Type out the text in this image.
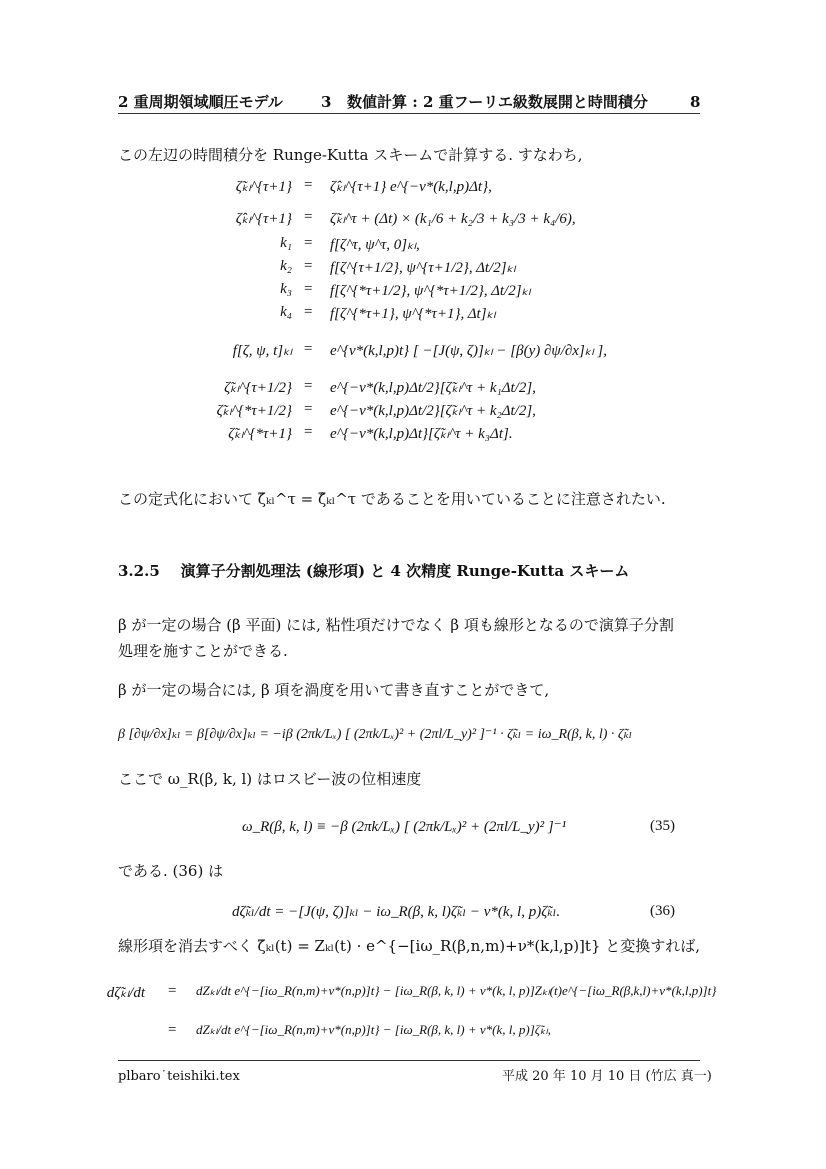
2 重周期領域順圧モデル	3 数値計算 : 2 重フーリエ級数展開と時間積分	8
この左辺の時間積分を Runge-Kutta スキームで計算する. すなわち,
ζ̃ₖₗ^{τ+1} = ζ̂ₖₗ^{τ+1} e^{−ν*(k,l,p)Δt},
ζ̂ₖₗ^{τ+1} = ζ̃ₖₗ^τ + (Δt) × (k₁/6 + k₂/3 + k₃/3 + k₄/6),
k₁ = f[ζ^τ, ψ^τ, 0]ₖₗ,
k₂ = f[ζ^{τ+1/2}, ψ^{τ+1/2}, Δt/2]ₖₗ
k₃ = f[ζ^{*τ+1/2}, ψ^{*τ+1/2}, Δt/2]ₖₗ
k₄ = f[ζ^{*τ+1}, ψ^{*τ+1}, Δt]ₖₗ
f[ζ, ψ, t]ₖₗ = e^{ν*(k,l,p)t} [ −[J(ψ, ζ)]ₖₗ − [β(y) ∂ψ/∂x]ₖₗ ],
ζ̃ₖₗ^{τ+1/2} = e^{−ν*(k,l,p)Δt/2}[ζ̃ₖₗ^τ + k₁Δt/2],
ζ̃ₖₗ^{*τ+1/2} = e^{−ν*(k,l,p)Δt/2}[ζ̃ₖₗ^τ + k₂Δt/2],
ζ̃ₖₗ^{*τ+1} = e^{−ν*(k,l,p)Δt}[ζ̃ₖₗ^τ + k₃Δt].
この定式化において ζ̃ₖₗ^τ = ζ̂ₖₗ^τ であることを用いていることに注意されたい.
3.2.5 演算子分割処理法 (線形項) と 4 次精度 Runge-Kutta スキーム
β が一定の場合 (β 平面) には, 粘性項だけでなく β 項も線形となるので演算子分割
処理を施すことができる.
β が一定の場合には, β 項を渦度を用いて書き直すことができて,
β [∂ψ/∂x]ₖₗ = β[∂ψ/∂x]ₖₗ = −iβ (2πk/Lₓ) [ (2πk/Lₓ)² + (2πl/L_y)² ]⁻¹ · ζ̃ₖₗ = iω_R(β, k, l) · ζ̃ₖₗ
ここで ω_R(β, k, l) はロスビー波の位相速度
ω_R(β, k, l) ≡ −β (2πk/Lₓ) [ (2πk/Lₓ)² + (2πl/L_y)² ]⁻¹	(35)
である. (36) は
dζ̃ₖₗ/dt = −[J(ψ, ζ)]ₖₗ − iω_R(β, k, l)ζ̃ₖₗ − ν*(k, l, p)ζ̃ₖₗ.	(36)
線形項を消去すべく ζ̃ₖₗ(t) = Zₖₗ(t) · e^{−[iω_R(β,n,m)+ν*(k,l,p)]t} と変換すれば,
dζ̃ₖₗ/dt = dZₖₗ/dt e^{−[iω_R(n,m)+ν*(n,p)]t} − [iω_R(β, k, l) + ν*(k, l, p)]Zₖₗ(t)e^{−[iω_R(β,k,l)+ν*(k,l,p)]t}
= dZₖₗ/dt e^{−[iω_R(n,m)+ν*(n,p)]t} − [iω_R(β, k, l) + ν*(k, l, p)]ζ̃ₖₗ,
plbaro˙teishiki.tex	平成 20 年 10 月 10 日 (竹広 真一)
